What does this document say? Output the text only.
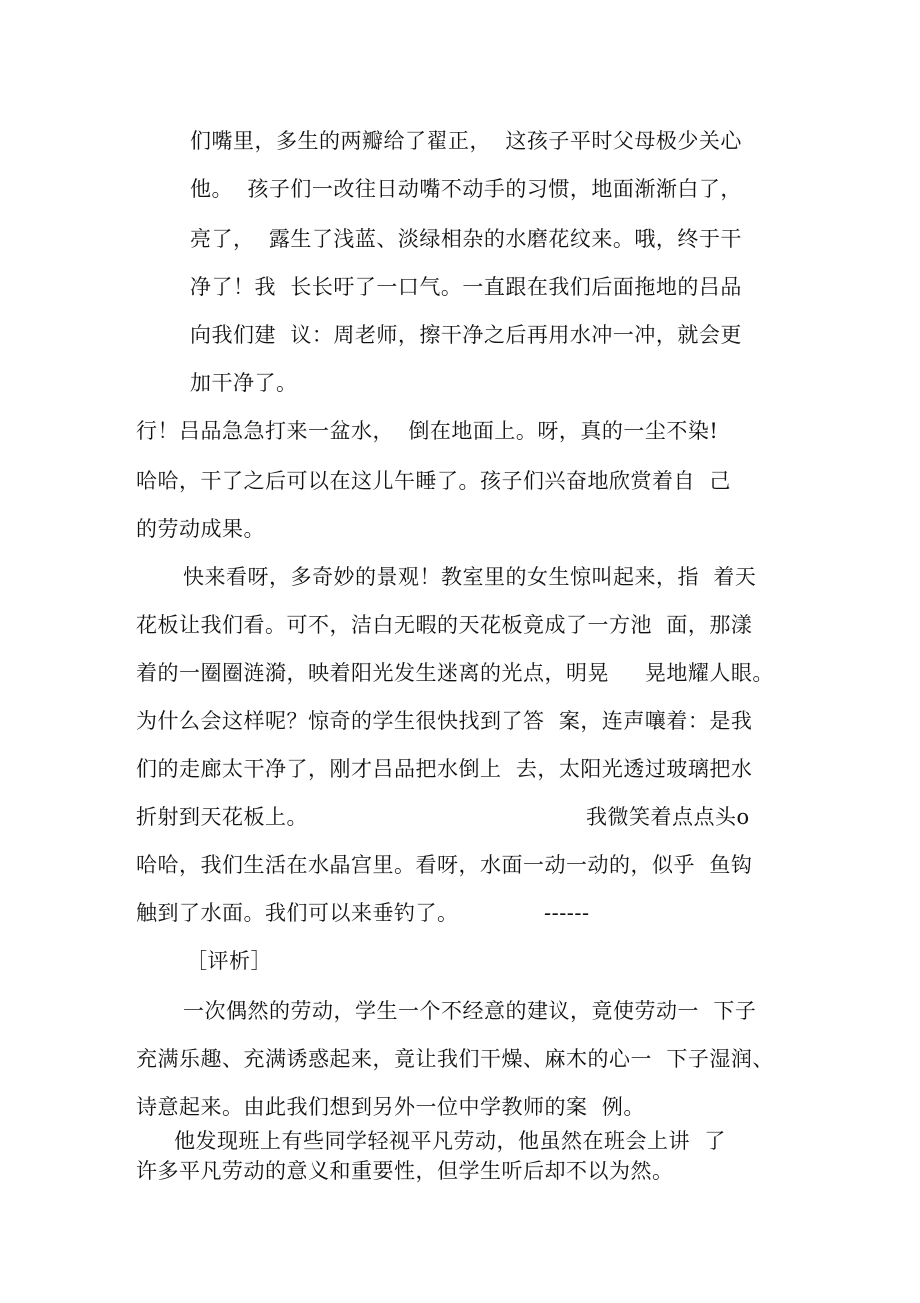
们嘴里，多生的两瓣给了翟正，  这孩子平时父母极少关心

他。  孩子们一改往日动嘴不动手的习惯，地面渐渐白了，

亮了，  露生了浅蓝、淡绿相杂的水磨花纹来。哦，终于干

净了！我  长长吁了一口气。一直跟在我们后面拖地的吕品

向我们建  议：周老师，擦干净之后再用水冲一冲，就会更

加干净了。

行！吕品急急打来一盆水，  倒在地面上。呀，真的一尘不染!

哈哈，干了之后可以在这儿午睡了。孩子们兴奋地欣赏着自  己

的劳动成果。

快来看呀，多奇妙的景观！教室里的女生惊叫起来，指  着天

花板让我们看。可不，洁白无暇的天花板竟成了一方池  面，那漾

着的一圈圈涟漪，映着阳光发生迷离的光点，明晃     晃地耀人眼。

为什么会这样呢？惊奇的学生很快找到了答  案，连声嚷着：是我

们的走廊太干净了，刚才吕品把水倒上  去，太阳光透过玻璃把水

折射到天花板上。	我微笑着点点头o

哈哈，我们生活在水晶宫里。看呀，水面一动一动的，似乎  鱼钩

触到了水面。我们可以来垂钓了。	------

［评析］

一次偶然的劳动，学生一个不经意的建议，竟使劳动一  下子

充满乐趣、充满诱惑起来，竟让我们干燥、麻木的心一  下子湿润、

诗意起来。由此我们想到另外一位中学教师的案  例。

他发现班上有些同学轻视平凡劳动，他虽然在班会上讲  了

许多平凡劳动的意义和重要性，但学生听后却不以为然。
